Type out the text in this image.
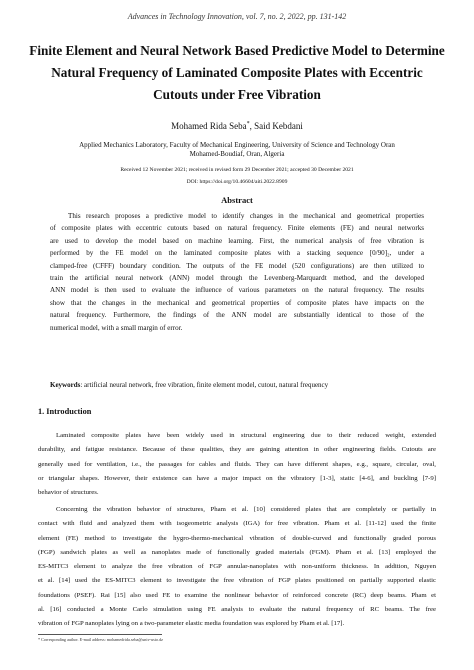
Advances in Technology Innovation, vol. 7, no. 2, 2022, pp. 131-142
Finite Element and Neural Network Based Predictive Model to Determine
Natural Frequency of Laminated Composite Plates with Eccentric
Cutouts under Free Vibration
Mohamed Rida Seba*, Said Kebdani
Applied Mechanics Laboratory, Faculty of Mechanical Engineering, University of Science and Technology Oran
Mohamed-Boudiaf, Oran, Algeria
Received 12 November 2021; received in revised form 29 December 2021; accepted 30 December 2021
DOI: https://doi.org/10.46604/aiti.2022.8909
Abstract
This research proposes a predictive model to identify changes in the mechanical and geometrical properties
of composite plates with eccentric cutouts based on natural frequency. Finite elements (FE) and neural networks
are used to develop the model based on machine learning. First, the numerical analysis of free vibration is
performed by the FE model on the laminated composite plates with a stacking sequence [0/90]₂, under a
clamped-free (CFFF) boundary condition. The outputs of the FE model (520 configurations) are then utilized to
train the artificial neural network (ANN) model through the Levenberg-Marquardt method, and the developed
ANN model is then used to evaluate the influence of various parameters on the natural frequency. The results
show that the changes in the mechanical and geometrical properties of composite plates have impacts on the
natural frequency. Furthermore, the findings of the ANN model are substantially identical to those of the
numerical model, with a small margin of error.
Keywords: artificial neural network, free vibration, finite element model, cutout, natural frequency
1. Introduction
Laminated composite plates have been widely used in structural engineering due to their reduced weight, extended
durability, and fatigue resistance. Because of these qualities, they are gaining attention in other engineering fields. Cutouts are
generally used for ventilation, i.e., the passages for cables and fluids. They can have different shapes, e.g., square, circular, oval,
or triangular shapes. However, their existence can have a major impact on the vibratory [1-3], static [4-6], and buckling [7-9]
behavior of structures.
Concerning the vibration behavior of structures, Pham et al. [10] considered plates that are completely or partially in
contact with fluid and analyzed them with isogeometric analysis (IGA) for free vibration. Pham et al. [11-12] used the finite
element (FE) method to investigate the hygro-thermo-mechanical vibration of double-curved and functionally graded porous
(FGP) sandwich plates as well as nanoplates made of functionally graded materials (FGM). Pham et al. [13] employed the
ES-MITC3 element to analyze the free vibration of FGP annular-nanoplates with non-uniform thickness. In addition, Nguyen
et al. [14] used the ES-MITC3 element to investigate the free vibration of FGP plates positioned on partially supported elastic
foundations (PSEF). Rai [15] also used FE to examine the nonlinear behavior of reinforced concrete (RC) deep beams. Pham et
al. [16] conducted a Monte Carlo simulation using FE analysis to evaluate the natural frequency of RC beams. The free
vibration of FGP nanoplates lying on a two-parameter elastic media foundation was explored by Pham et al. [17].
* Corresponding author. E-mail address: mohamedrida.seba@univ-usto.dz
